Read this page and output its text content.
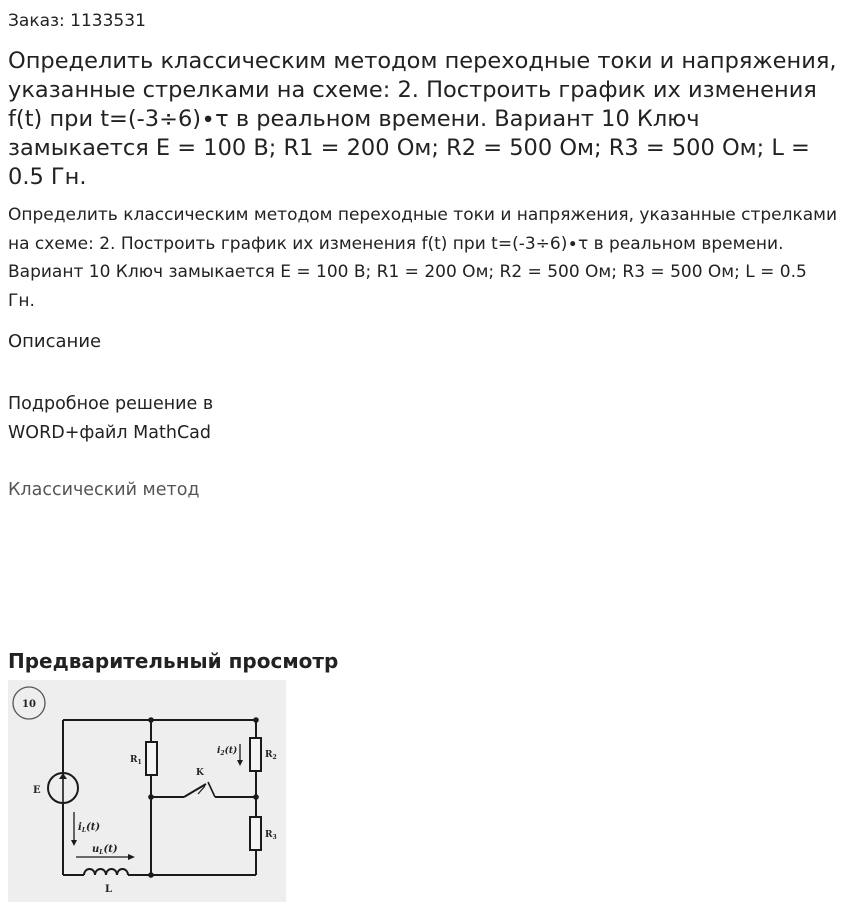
Заказ: 1133531
Определить классическим методом переходные токи и напряжения, указанные стрелками на схеме: 2. Построить график их изменения f(t) при t=(-3÷6)∙τ в реальном времени. Вариант 10 Ключ замыкается E = 100 В; R1 = 200 Ом; R2 = 500 Ом; R3 = 500 Ом; L = 0.5 Гн.

Определить классическим методом переходные токи и напряжения, указанные стрелками на схеме: 2. Построить график их изменения f(t) при t=(-3÷6)∙τ в реальном времени. Вариант 10 Ключ замыкается E = 100 В; R1 = 200 Ом; R2 = 500 Ом; R3 = 500 Ом; L = 0.5 Гн.

Описание
Подробное решение в WORD+файл MathCad
Классический метод
Предварительный просмотр
10
E
$R_1$
$R_2$
$R_3$
K
$i_2(t)$
$i_L(t)$
$u_L(t)$
L
